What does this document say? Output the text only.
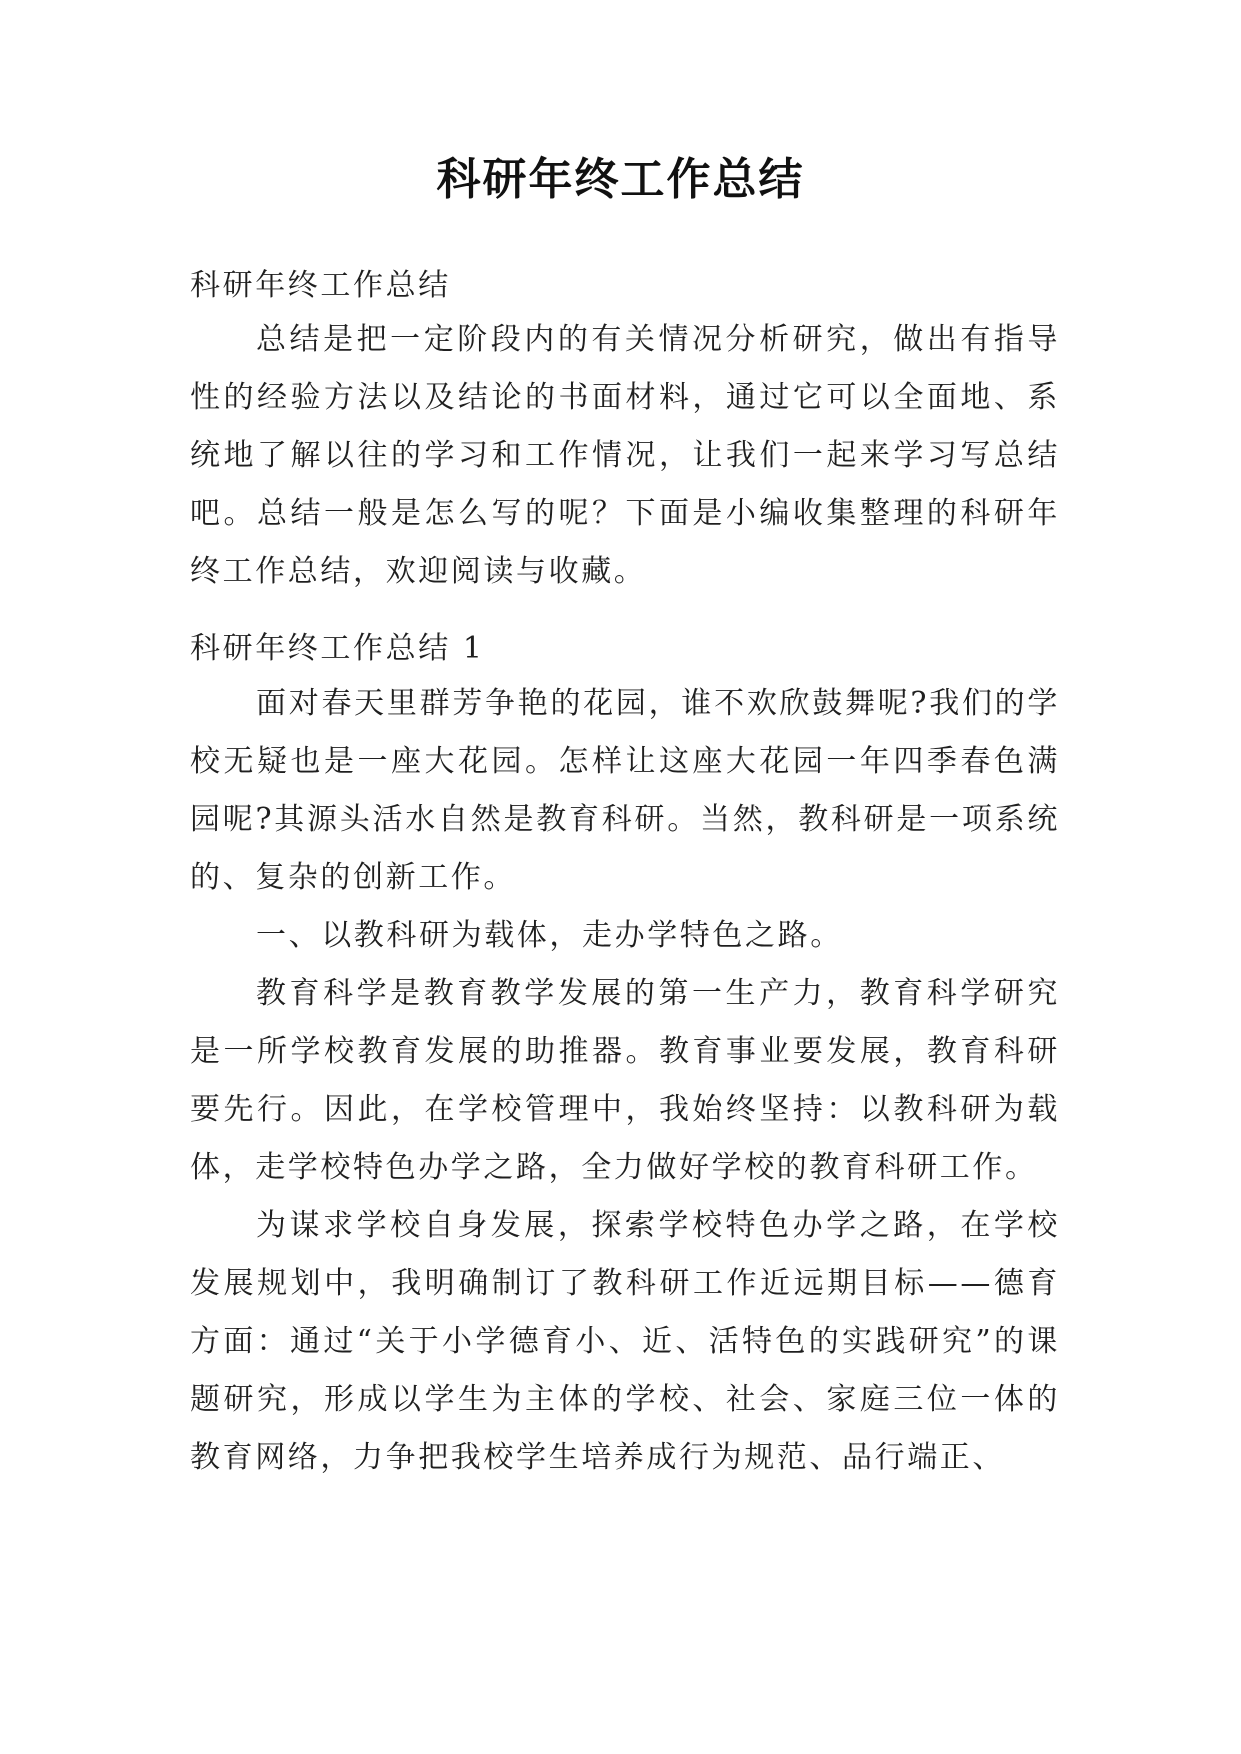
科研年终工作总结
科研年终工作总结

总结是把一定阶段内的有关情况分析研究，做出有指导性的经验方法以及结论的书面材料，通过它可以全面地、系统地了解以往的学习和工作情况，让我们一起来学习写总结吧。总结一般是怎么写的呢？下面是小编收集整理的科研年终工作总结，欢迎阅读与收藏。

科研年终工作总结 1

面对春天里群芳争艳的花园，谁不欢欣鼓舞呢?我们的学校无疑也是一座大花园。怎样让这座大花园一年四季春色满园呢?其源头活水自然是教育科研。当然，教科研是一项系统的、复杂的创新工作。

一、以教科研为载体，走办学特色之路。

教育科学是教育教学发展的第一生产力，教育科学研究是一所学校教育发展的助推器。教育事业要发展，教育科研要先行。因此，在学校管理中，我始终坚持：以教科研为载体，走学校特色办学之路，全力做好学校的教育科研工作。

为谋求学校自身发展，探索学校特色办学之路，在学校发展规划中，我明确制订了教科研工作近远期目标——德育方面：通过“关于小学德育小、近、活特色的实践研究”的课题研究，形成以学生为主体的学校、社会、家庭三位一体的教育网络，力争把我校学生培养成行为规范、品行端正、
